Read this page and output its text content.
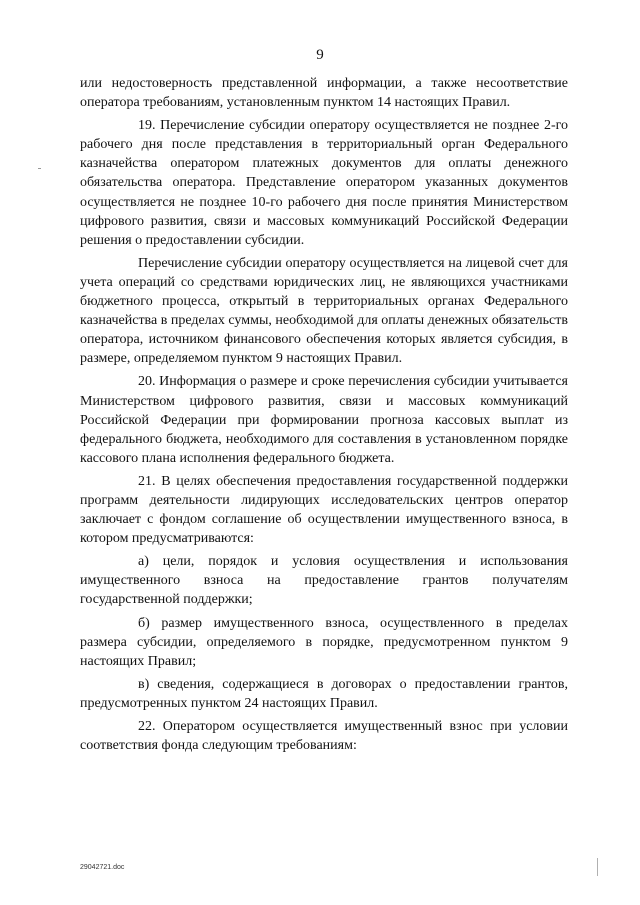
9

или недостоверность представленной информации, а также несоответствие оператора требованиям, установленным пунктом 14 настоящих Правил.

19. Перечисление субсидии оператору осуществляется не позднее 2-го рабочего дня после представления в территориальный орган Федерального казначейства оператором платежных документов для оплаты денежного обязательства оператора. Представление оператором указанных документов осуществляется не позднее 10-го рабочего дня после принятия Министерством цифрового развития, связи и массовых коммуникаций Российской Федерации решения о предоставлении субсидии.

Перечисление субсидии оператору осуществляется на лицевой счет для учета операций со средствами юридических лиц, не являющихся участниками бюджетного процесса, открытый в территориальных органах Федерального казначейства в пределах суммы, необходимой для оплаты денежных обязательств оператора, источником финансового обеспечения которых является субсидия, в размере, определяемом пунктом 9 настоящих Правил.

20. Информация о размере и сроке перечисления субсидии учитывается Министерством цифрового развития, связи и массовых коммуникаций Российской Федерации при формировании прогноза кассовых выплат из федерального бюджета, необходимого для составления в установленном порядке кассового плана исполнения федерального бюджета.

21. В целях обеспечения предоставления государственной поддержки программ деятельности лидирующих исследовательских центров оператор заключает с фондом соглашение об осуществлении имущественного взноса, в котором предусматриваются:

а) цели, порядок и условия осуществления и использования имущественного взноса на предоставление грантов получателям государственной поддержки;

б) размер имущественного взноса, осуществленного в пределах размера субсидии, определяемого в порядке, предусмотренном пунктом 9 настоящих Правил;

в) сведения, содержащиеся в договорах о предоставлении грантов, предусмотренных пунктом 24 настоящих Правил.

22. Оператором осуществляется имущественный взнос при условии соответствия фонда следующим требованиям:

29042721.doc
